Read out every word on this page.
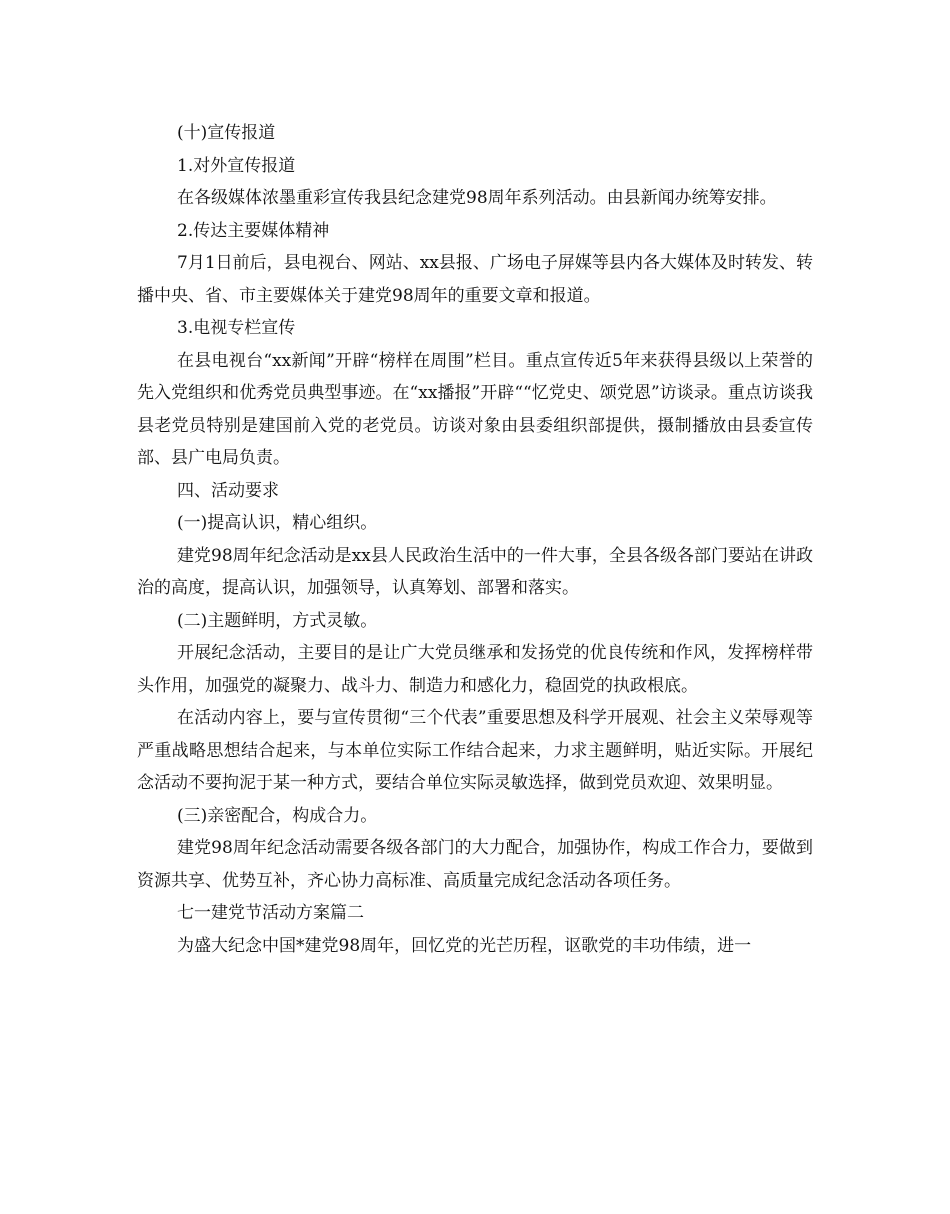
(十)宣传报道

1.对外宣传报道

在各级媒体浓墨重彩宣传我县纪念建党98周年系列活动。由县新闻办统筹安排。

2.传达主要媒体精神

7月1日前后，县电视台、网站、xx县报、广场电子屏媒等县内各大媒体及时转发、转播中央、省、市主要媒体关于建党98周年的重要文章和报道。

3.电视专栏宣传

在县电视台“xx新闻”开辟“榜样在周围”栏目。重点宣传近5年来获得县级以上荣誉的先入党组织和优秀党员典型事迹。在“xx播报”开辟““忆党史、颂党恩”访谈录。重点访谈我县老党员特别是建国前入党的老党员。访谈对象由县委组织部提供，摄制播放由县委宣传部、县广电局负责。

四、活动要求

(一)提高认识，精心组织。

建党98周年纪念活动是xx县人民政治生活中的一件大事，全县各级各部门要站在讲政治的高度，提高认识，加强领导，认真筹划、部署和落实。

(二)主题鲜明，方式灵敏。

开展纪念活动，主要目的是让广大党员继承和发扬党的优良传统和作风，发挥榜样带头作用，加强党的凝聚力、战斗力、制造力和感化力，稳固党的执政根底。

在活动内容上，要与宣传贯彻“三个代表”重要思想及科学开展观、社会主义荣辱观等严重战略思想结合起来，与本单位实际工作结合起来，力求主题鲜明，贴近实际。开展纪念活动不要拘泥于某一种方式，要结合单位实际灵敏选择，做到党员欢迎、效果明显。

(三)亲密配合，构成合力。

建党98周年纪念活动需要各级各部门的大力配合，加强协作，构成工作合力，要做到资源共享、优势互补，齐心协力高标准、高质量完成纪念活动各项任务。

七一建党节活动方案篇二

为盛大纪念中国*建党98周年，回忆党的光芒历程，讴歌党的丰功伟绩，进一
